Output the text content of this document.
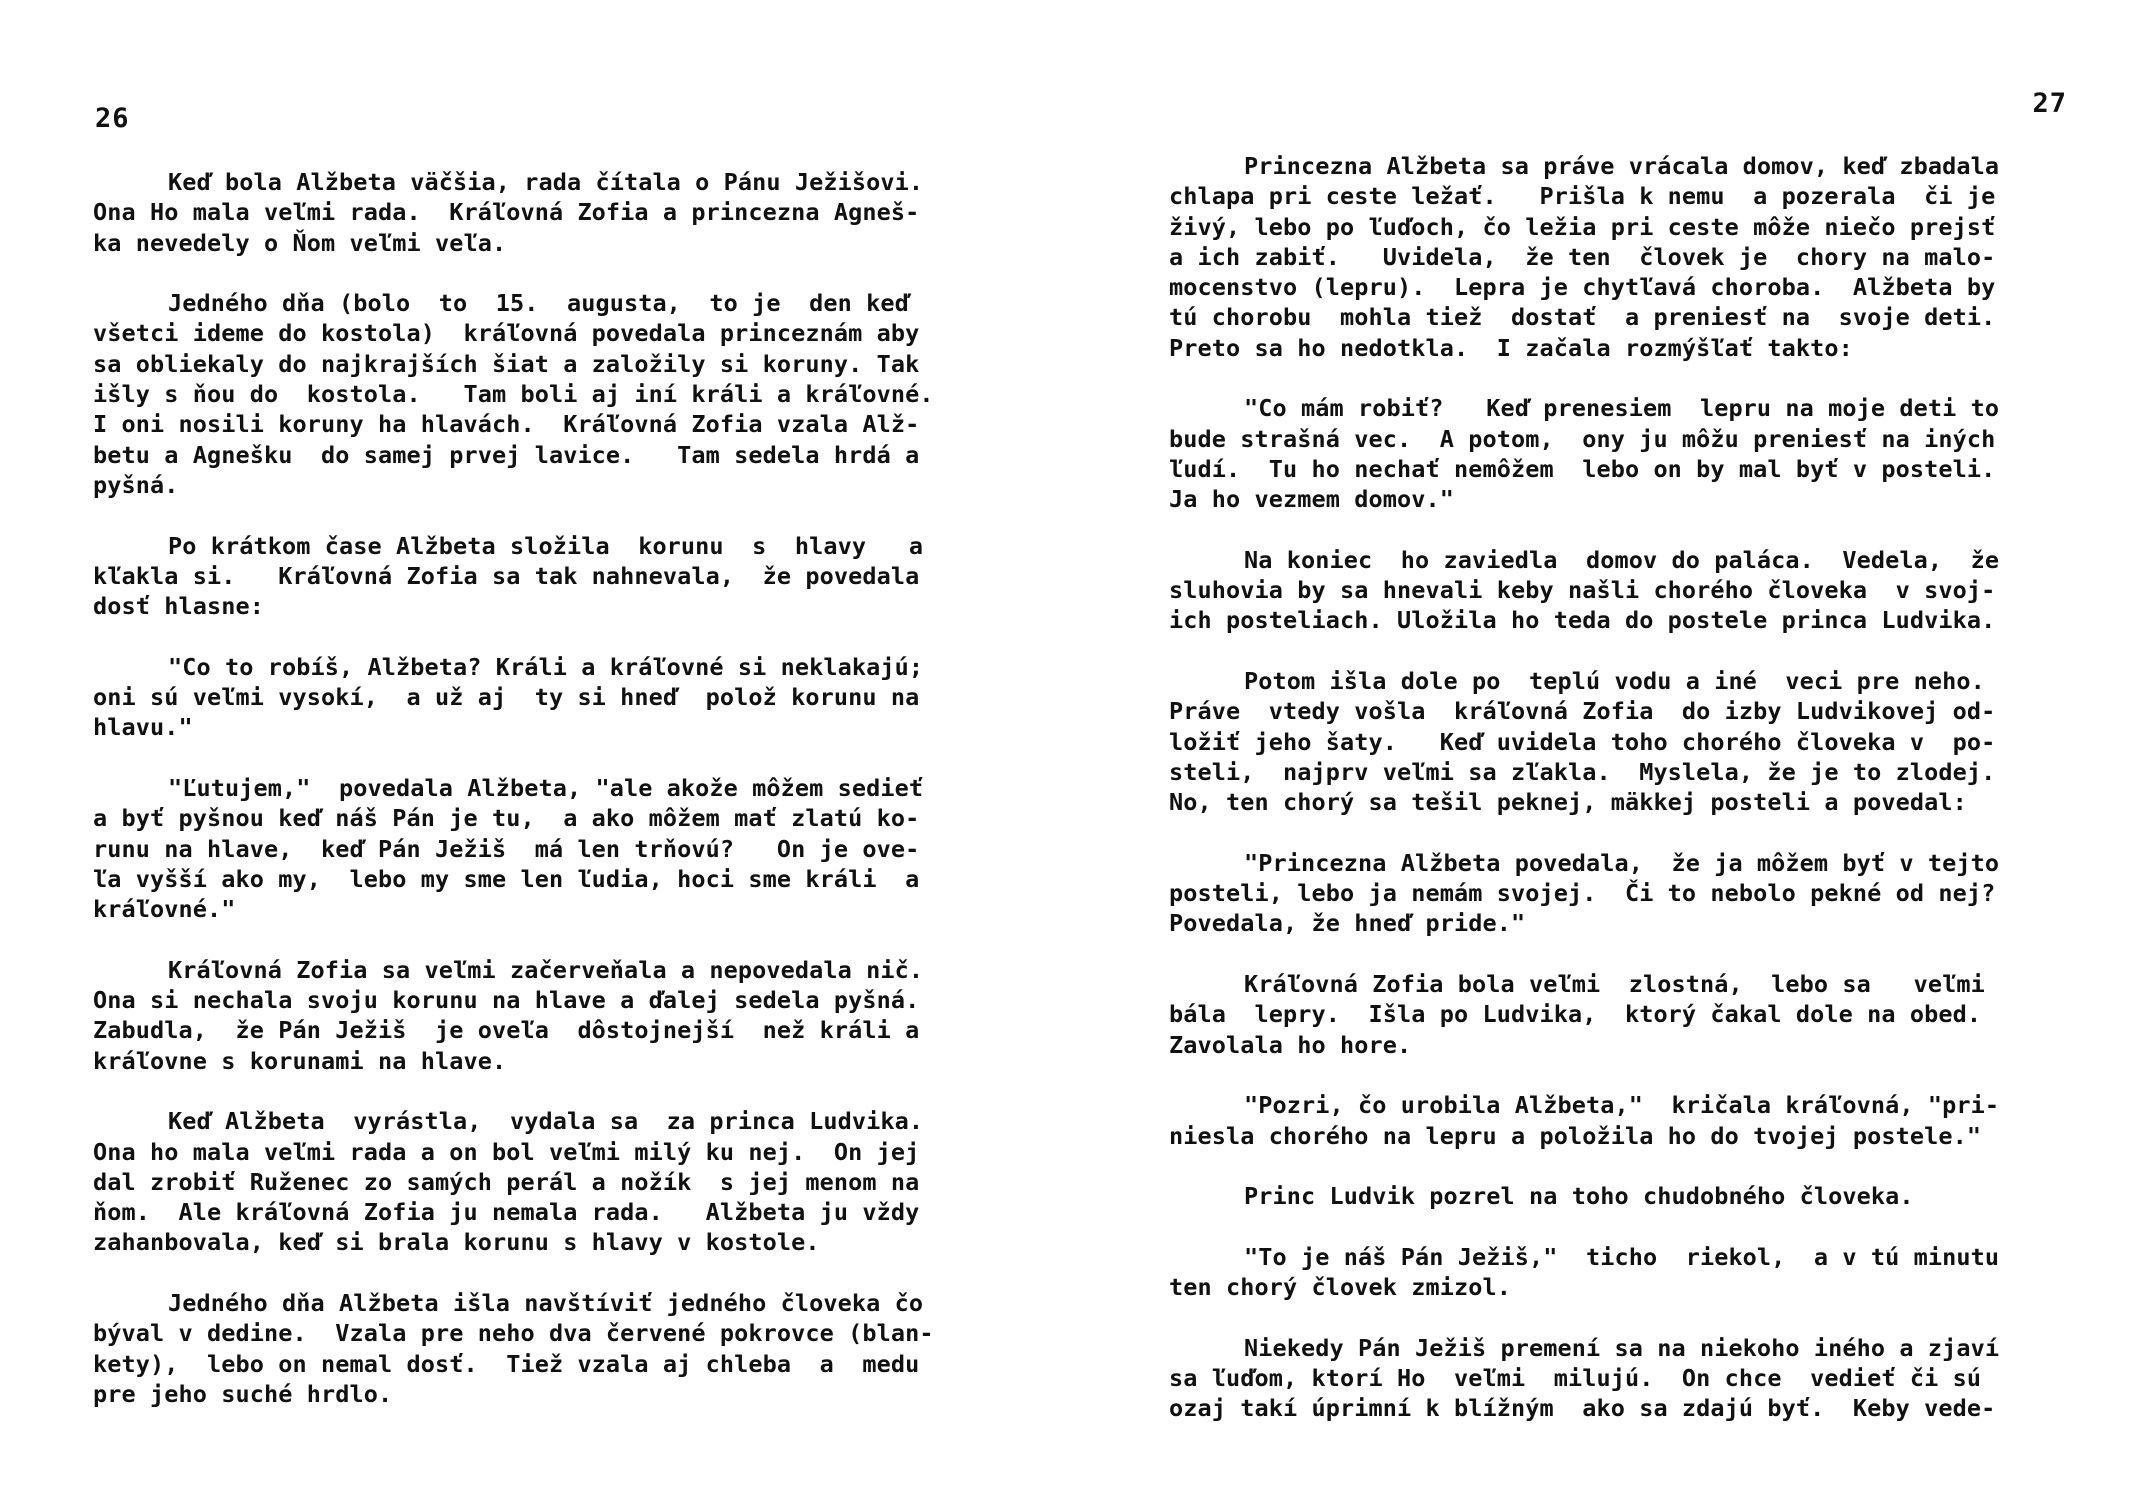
26
Keď bola Alžbeta väčšia, rada čítala o Pánu Ježišovi.
Ona Ho mala veľmi rada.  Kráľovná Zofia a princezna Agneš-
ka nevedely o Ňom veľmi veľa.
Jedného dňa (bolo  to  15.  augusta,  to je  den keď
všetci ideme do kostola)  kráľovná povedala princeznám aby
sa obliekaly do najkrajších šiat a založily si koruny. Tak
išly s ňou do  kostola.   Tam boli aj iní králi a kráľovné.
I oni nosili koruny ha hlavách.  Kráľovná Zofia vzala Alž-
betu a Agnešku  do samej prvej lavice.   Tam sedela hrdá a
pyšná.
Po krátkom čase Alžbeta složila  korunu  s  hlavy   a
kľakla si.   Kráľovná Zofia sa tak nahnevala,  že povedala
dosť hlasne:
"Co to robíš, Alžbeta? Králi a kráľovné si neklakajú;
oni sú veľmi vysokí,  a už aj  ty si hneď  polož korunu na
hlavu."
"Ľutujem,"  povedala Alžbeta, "ale akože môžem sedieť
a byť pyšnou keď náš Pán je tu,  a ako môžem mať zlatú ko-
runu na hlave,  keď Pán Ježiš  má len trňovú?   On je ove-
ľa vyšší ako my,  lebo my sme len ľudia, hoci sme králi  a
kráľovné."
Kráľovná Zofia sa veľmi začerveňala a nepovedala nič.
Ona si nechala svoju korunu na hlave a ďalej sedela pyšná.
Zabudla,  že Pán Ježiš  je oveľa  dôstojnejší  než králi a
kráľovne s korunami na hlave.
Keď Alžbeta  vyrástla,  vydala sa  za princa Ludvika.
Ona ho mala veľmi rada a on bol veľmi milý ku nej.  On jej
dal zrobiť Ruženec zo samých perál a nožík  s jej menom na
ňom.  Ale kráľovná Zofia ju nemala rada.   Alžbeta ju vždy
zahanbovala, keď si brala korunu s hlavy v kostole.
Jedného dňa Alžbeta išla navštíviť jedného človeka čo
býval v dedine.  Vzala pre neho dva červené pokrovce (blan-
kety),  lebo on nemal dosť.  Tiež vzala aj chleba  a  medu
pre jeho suché hrdlo.
27
Princezna Alžbeta sa práve vrácala domov, keď zbadala
chlapa pri ceste ležať.   Prišla k nemu  a pozerala  či je
živý, lebo po ľuďoch, čo ležia pri ceste môže niečo prejsť
a ich zabiť.   Uvidela,  že ten  človek je  chory na malo-
mocenstvo (lepru).  Lepra je chytľavá choroba.  Alžbeta by
tú chorobu  mohla tiež  dostať  a preniesť na  svoje deti.
Preto sa ho nedotkla.  I začala rozmýšľať takto:
"Co mám robiť?   Keď prenesiem  lepru na moje deti to
bude strašná vec.  A potom,  ony ju môžu preniesť na iných
ľudí.  Tu ho nechať nemôžem  lebo on by mal byť v posteli.
Ja ho vezmem domov."
Na koniec  ho zaviedla  domov do paláca.  Vedela,  že
sluhovia by sa hnevali keby našli chorého človeka  v svoj-
ich posteliach. Uložila ho teda do postele princa Ludvika.
Potom išla dole po  teplú vodu a iné  veci pre neho.
Práve  vtedy vošla  kráľovná Zofia  do izby Ludvikovej od-
ložiť jeho šaty.   Keď uvidela toho chorého človeka v  po-
steli,  najprv veľmi sa zľakla.  Myslela, že je to zlodej.
No, ten chorý sa tešil peknej, mäkkej posteli a povedal:
"Princezna Alžbeta povedala,  že ja môžem byť v tejto
posteli, lebo ja nemám svojej.  Či to nebolo pekné od nej?
Povedala, že hneď pride."
Kráľovná Zofia bola veľmi  zlostná,  lebo sa   veľmi
bála  lepry.  Išla po Ludvika,  ktorý čakal dole na obed.
Zavolala ho hore.
"Pozri, čo urobila Alžbeta,"  kričala kráľovná, "pri-
niesla chorého na lepru a položila ho do tvojej postele."
Princ Ludvik pozrel na toho chudobného človeka.
"To je náš Pán Ježiš,"  ticho  riekol,  a v tú minutu
ten chorý človek zmizol.
Niekedy Pán Ježiš premení sa na niekoho iného a zjaví
sa ľuďom, ktorí Ho  veľmi  milujú.  On chce  vedieť či sú
ozaj takí úprimní k blížným  ako sa zdajú byť.  Keby vede-
